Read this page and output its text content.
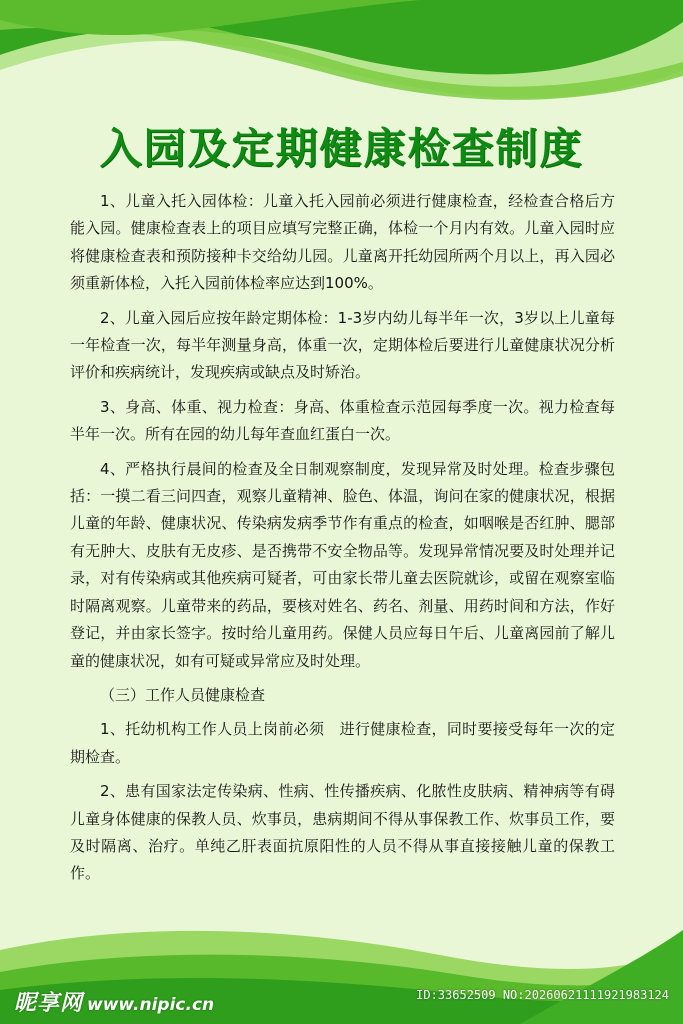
入园及定期健康检查制度

1、儿童入托入园体检：儿童入托入园前必须进行健康检查，经检查合格后方能入园。健康检查表上的项目应填写完整正确，体检一个月内有效。儿童入园时应将健康检查表和预防接种卡交给幼儿园。儿童离开托幼园所两个月以上，再入园必须重新体检，入托入园前体检率应达到100%。

2、儿童入园后应按年龄定期体检：1-3岁内幼儿每半年一次，3岁以上儿童每一年检查一次，每半年测量身高，体重一次，定期体检后要进行儿童健康状况分析评价和疾病统计，发现疾病或缺点及时矫治。

3、身高、体重、视力检查：身高、体重检查示范园每季度一次。视力检查每半年一次。所有在园的幼儿每年查血红蛋白一次。

4、严格执行晨间的检查及全日制观察制度，发现异常及时处理。检查步骤包括：一摸二看三问四查，观察儿童精神、脸色、体温，询问在家的健康状况，根据儿童的年龄、健康状况、传染病发病季节作有重点的检查，如咽喉是否红肿、腮部有无肿大、皮肤有无皮疹、是否携带不安全物品等。发现异常情况要及时处理并记录，对有传染病或其他疾病可疑者，可由家长带儿童去医院就诊，或留在观察室临时隔离观察。儿童带来的药品，要核对姓名、药名、剂量、用药时间和方法，作好登记，并由家长签字。按时给儿童用药。保健人员应每日午后、儿童离园前了解儿童的健康状况，如有可疑或异常应及时处理。

（三）工作人员健康检查

1、托幼机构工作人员上岗前必须　进行健康检查，同时要接受每年一次的定期检查。

2、患有国家法定传染病、性病、性传播疾病、化脓性皮肤病、精神病等有碍儿童身体健康的保教人员、炊事员，患病期间不得从事保教工作、炊事员工作，要及时隔离、治疗。单纯乙肝表面抗原阳性的人员不得从事直接接触儿童的保教工作。

昵享网 www.nipic.cn	ID:33652509 NO:20260621111921983124
